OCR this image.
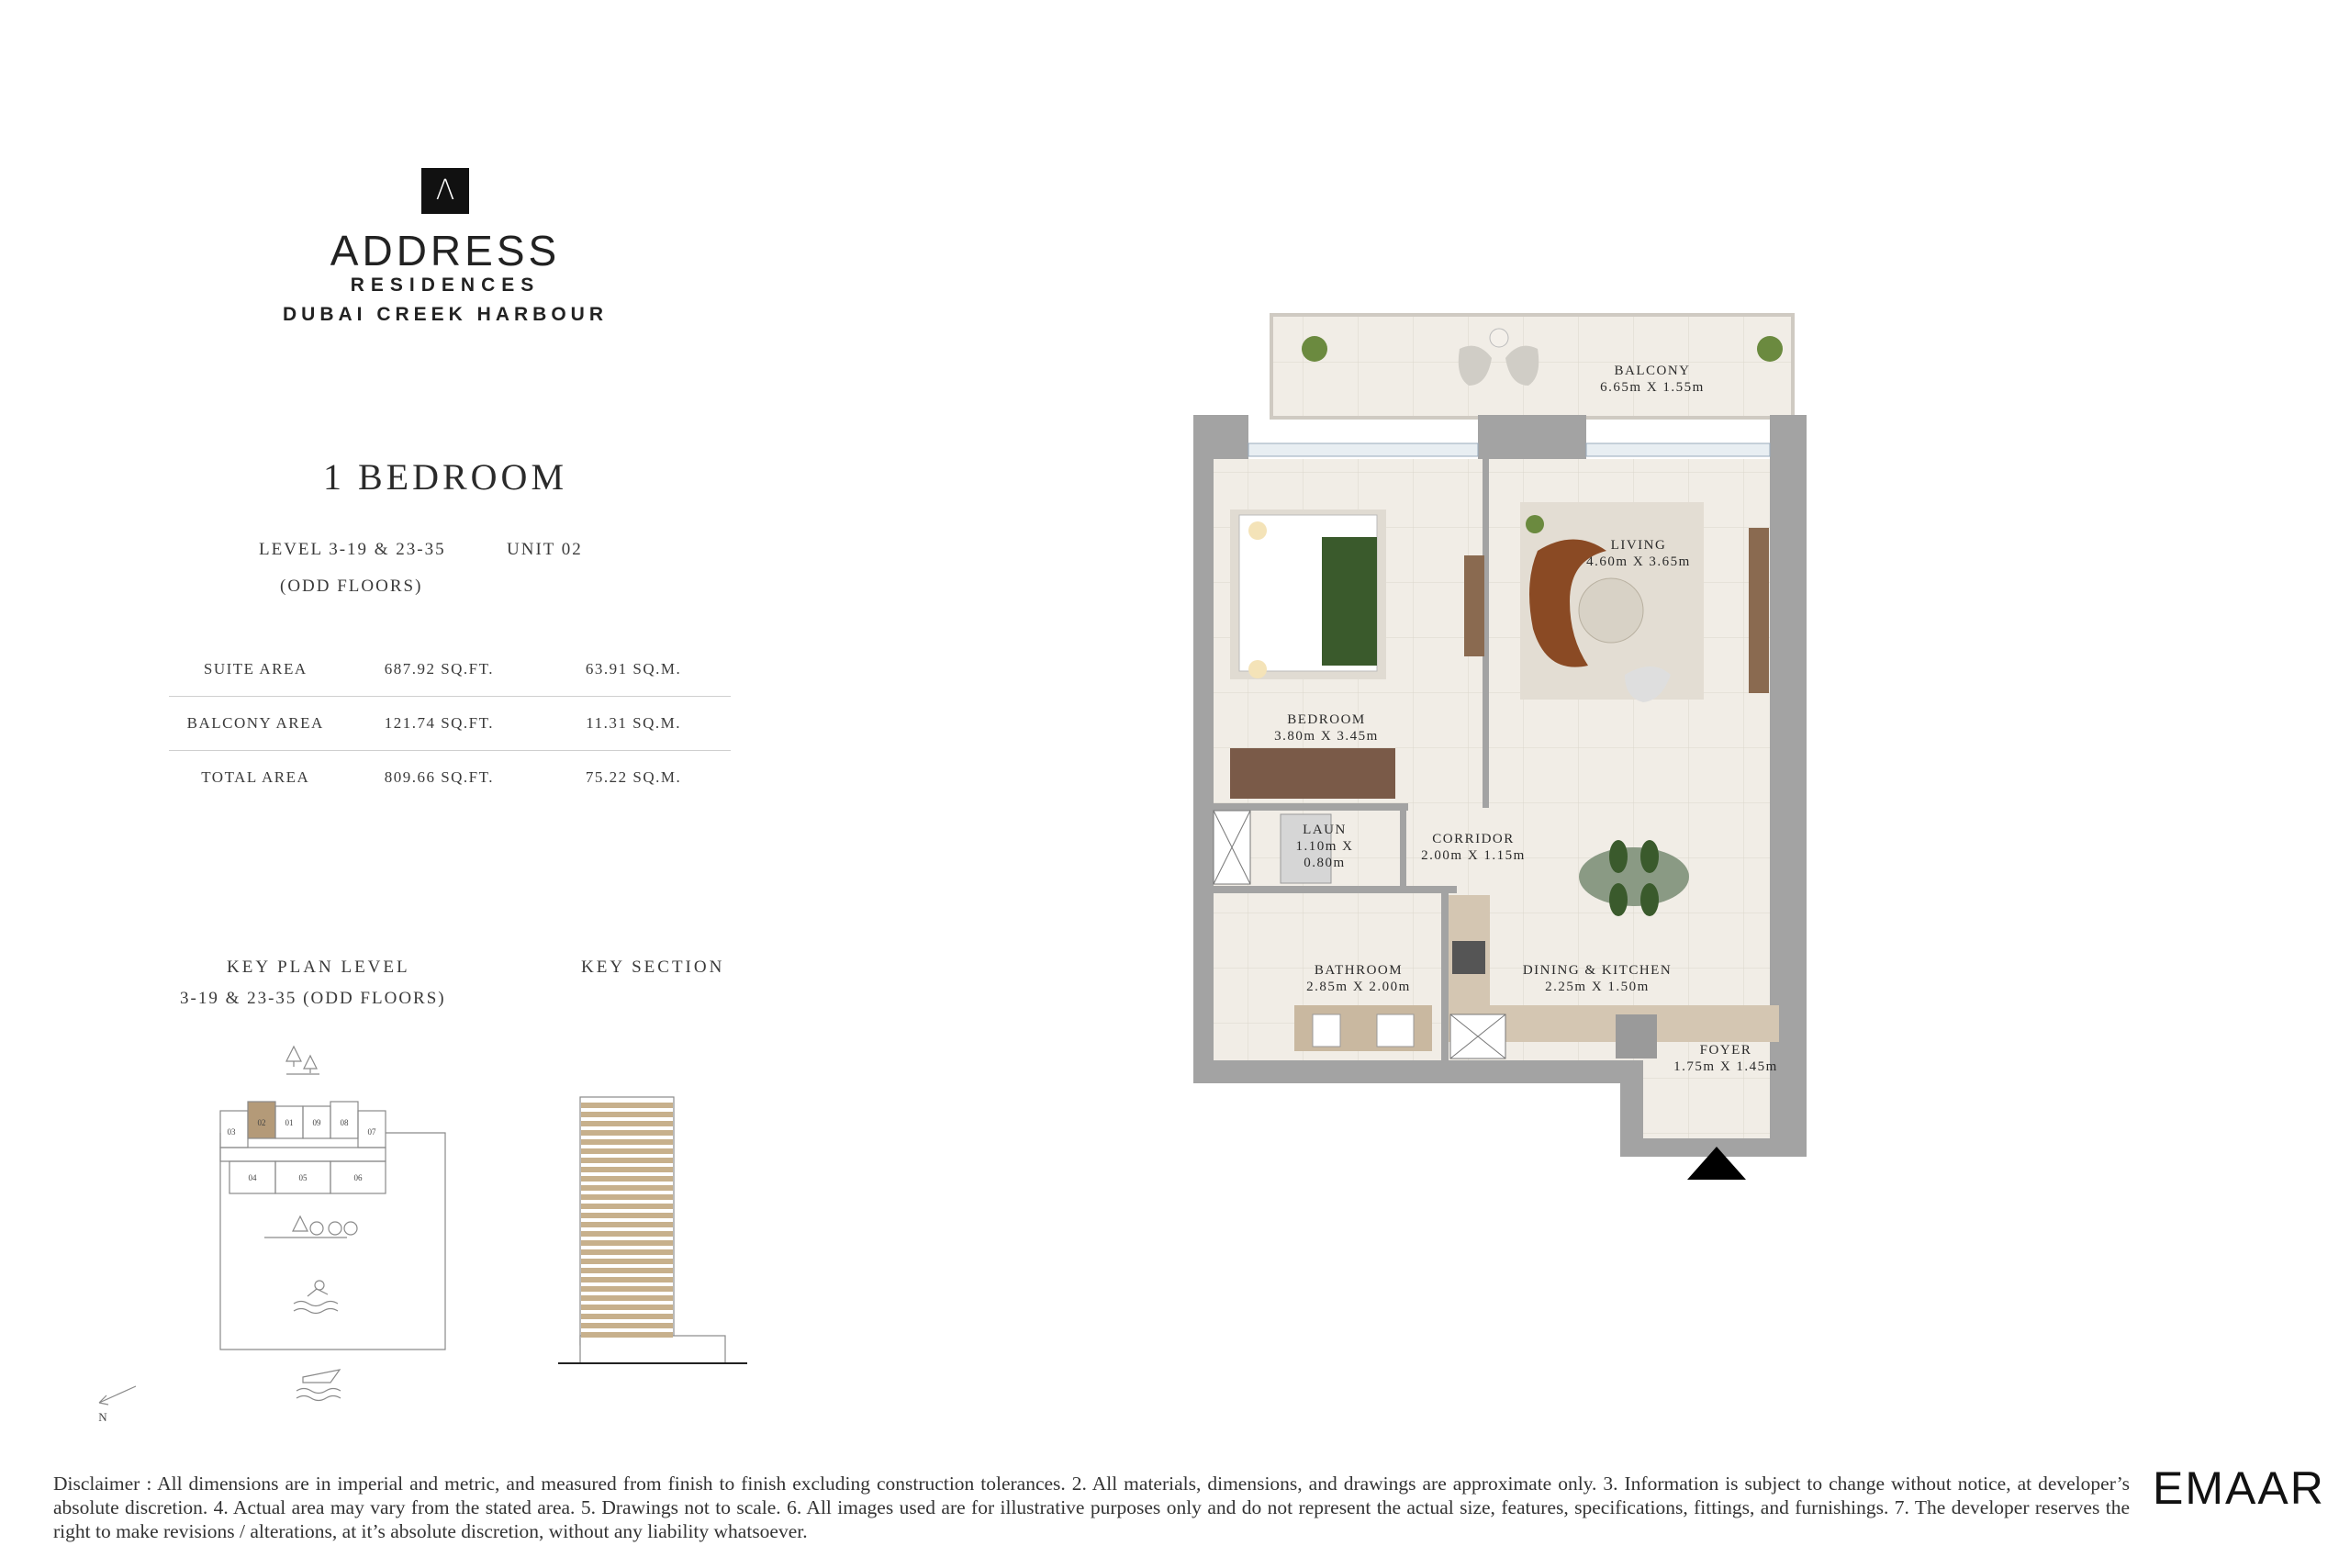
Λ
ADDRESS
RESIDENCES
DUBAI CREEK HARBOUR
1 BEDROOM
LEVEL 3-19 & 23-35	UNIT 02
(ODD FLOORS)
SUITE AREA	687.92 SQ.FT.	63.91 SQ.M.
BALCONY AREA	121.74 SQ.FT.	11.31 SQ.M.
TOTAL AREA	809.66 SQ.FT.	75.22 SQ.M.
KEY PLAN LEVEL
3-19 & 23-35 (ODD FLOORS)
KEY SECTION
03
02 01 09 08
07
04	05	06
N
BALCONY
6.65m X 1.55m
LIVING
4.60m X 3.65m
BEDROOM
3.80m X 3.45m
LAUN
1.10m X
0.80m
CORRIDOR
2.00m X 1.15m
BATHROOM
2.85m X 2.00m
DINING & KITCHEN
2.25m X 1.50m
FOYER
1.75m X 1.45m
Disclaimer : All dimensions are in imperial and metric, and measured from finish to finish excluding construction tolerances. 2. All materials, dimensions, and drawings are approximate only. 3. Information is subject to change without notice, at developer’s absolute discretion. 4. Actual area may vary from the stated area. 5. Drawings not to scale. 6. All images used are for illustrative purposes only and do not represent the actual size, features, specifications, fittings, and furnishings. 7. The developer reserves the right to make revisions / alterations, at it’s absolute discretion, without any liability whatsoever.
EMAAR
